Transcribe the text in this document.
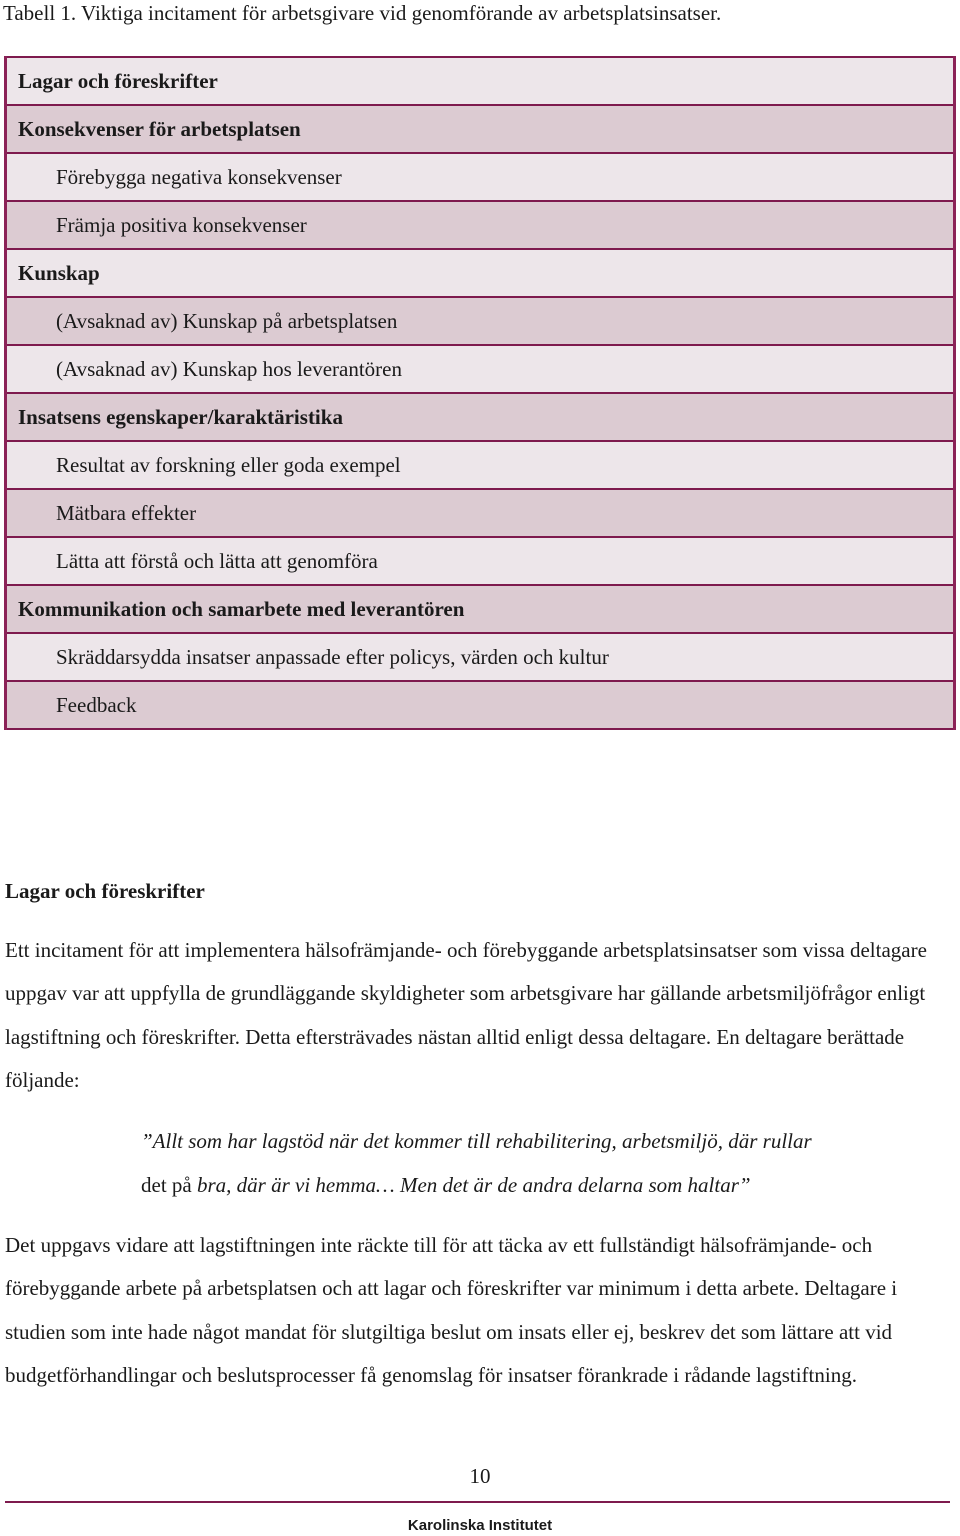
Tabell 1. Viktiga incitament för arbetsgivare vid genomförande av arbetsplatsinsatser.
Lagar och föreskrifter
Konsekvenser för arbetsplatsen
Förebygga negativa konsekvenser
Främja positiva konsekvenser
Kunskap
(Avsaknad av) Kunskap på arbetsplatsen
(Avsaknad av) Kunskap hos leverantören
Insatsens egenskaper/karaktäristika
Resultat av forskning eller goda exempel
Mätbara effekter
Lätta att förstå och lätta att genomföra
Kommunikation och samarbete med leverantören
Skräddarsydda insatser anpassade efter policys, värden och kultur
Feedback
Lagar och föreskrifter

Ett incitament för att implementera hälsofrämjande- och förebyggande arbetsplatsinsatser som vissa deltagare uppgav var att uppfylla de grundläggande skyldigheter som arbetsgivare har gällande arbetsmiljöfrågor enligt lagstiftning och föreskrifter. Detta eftersträvades nästan alltid enligt dessa deltagare. En deltagare berättade följande:

”Allt som har lagstöd när det kommer till rehabilitering, arbetsmiljö, där rullar
det på bra, där är vi hemma… Men det är de andra delarna som haltar”

Det uppgavs vidare att lagstiftningen inte räckte till för att täcka av ett fullständigt hälsofrämjande- och förebyggande arbete på arbetsplatsen och att lagar och föreskrifter var minimum i detta arbete. Deltagare i studien som inte hade något mandat för slutgiltiga beslut om insats eller ej, beskrev det som lättare att vid budgetförhandlingar och beslutsprocesser få genomslag för insatser förankrade i rådande lagstiftning.

10
Karolinska Institutet
